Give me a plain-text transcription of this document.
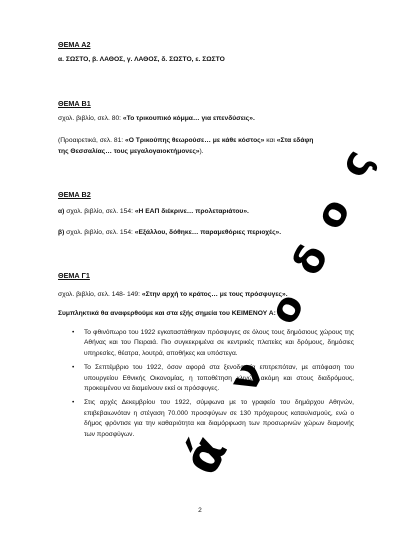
ΘΕΜΑ Α2
α. ΣΩΣΤΟ, β. ΛΑΘΟΣ, γ. ΛΑΘΟΣ, δ. ΣΩΣΤΟ, ε. ΣΩΣΤΟ
ΘΕΜΑ Β1
σχολ. βιβλίο, σελ. 80: «Το τρικουπικό κόμμα… για επενδύσεις».
(Προαιρετικά, σελ. 81: «Ο Τρικούπης θεωρούσε… με κάθε κόστος» και «Στα εδάφη
της Θεσσαλίας… τους μεγαλογαιοκτήμονες»).
ΘΕΜΑ Β2
α) σχολ. βιβλίο, σελ. 154: «Η ΕΑΠ διέκρινε… προλεταριάτου».
β) σχολ. βιβλίο, σελ. 154: «Εξάλλου, δόθηκε… παραμεθόριες περιοχές».
ΘΕΜΑ Γ1
σχολ. βιβλίο, σελ. 148- 149: «Στην αρχή το κράτος… με τους πρόσφυγες».
Συμπληκτικά θα αναφερθούμε και στα εξής σημεία του ΚΕΙΜΕΝΟΥ Α:
• Το φθινόπωρο του 1922 εγκαταστάθηκαν πρόσφυγες σε όλους τους δημόσιους χώρους της Αθήνας και του Πειραιά. Πιο συγκεκριμένα σε κεντρικές πλατείες και δρόμους, δημόσιες υπηρεσίες, θέατρα, λουτρά, αποθήκες και υπόστεγα.
• Το Σεπτέμβριο του 1922, όσον αφορά στα ξενοδοχεία επιτρεπόταν, με απόφαση του υπουργείου Εθνικής Οικονομίας, η τοποθέτηση κλινών ακόμη και στους διαδρόμους, προκειμένου να διαμείνουν εκεί οι πρόσφυγες.
• Στις αρχές Δεκεμβρίου του 1922, σύμφωνα με το γραφείο του δημάρχου Αθηνών, επιβεβαιωνόταν η στέγαση 70.000 προσφύγων σε 130 πρόχειρους καταυλισμούς, ενώ ο δήμος φρόντισε για την καθαριότητα και διαμόρφωση των προσωρινών χώρων διαμονής των προσφύγων.
2
ά
ν
ο
δ
ο
ς
